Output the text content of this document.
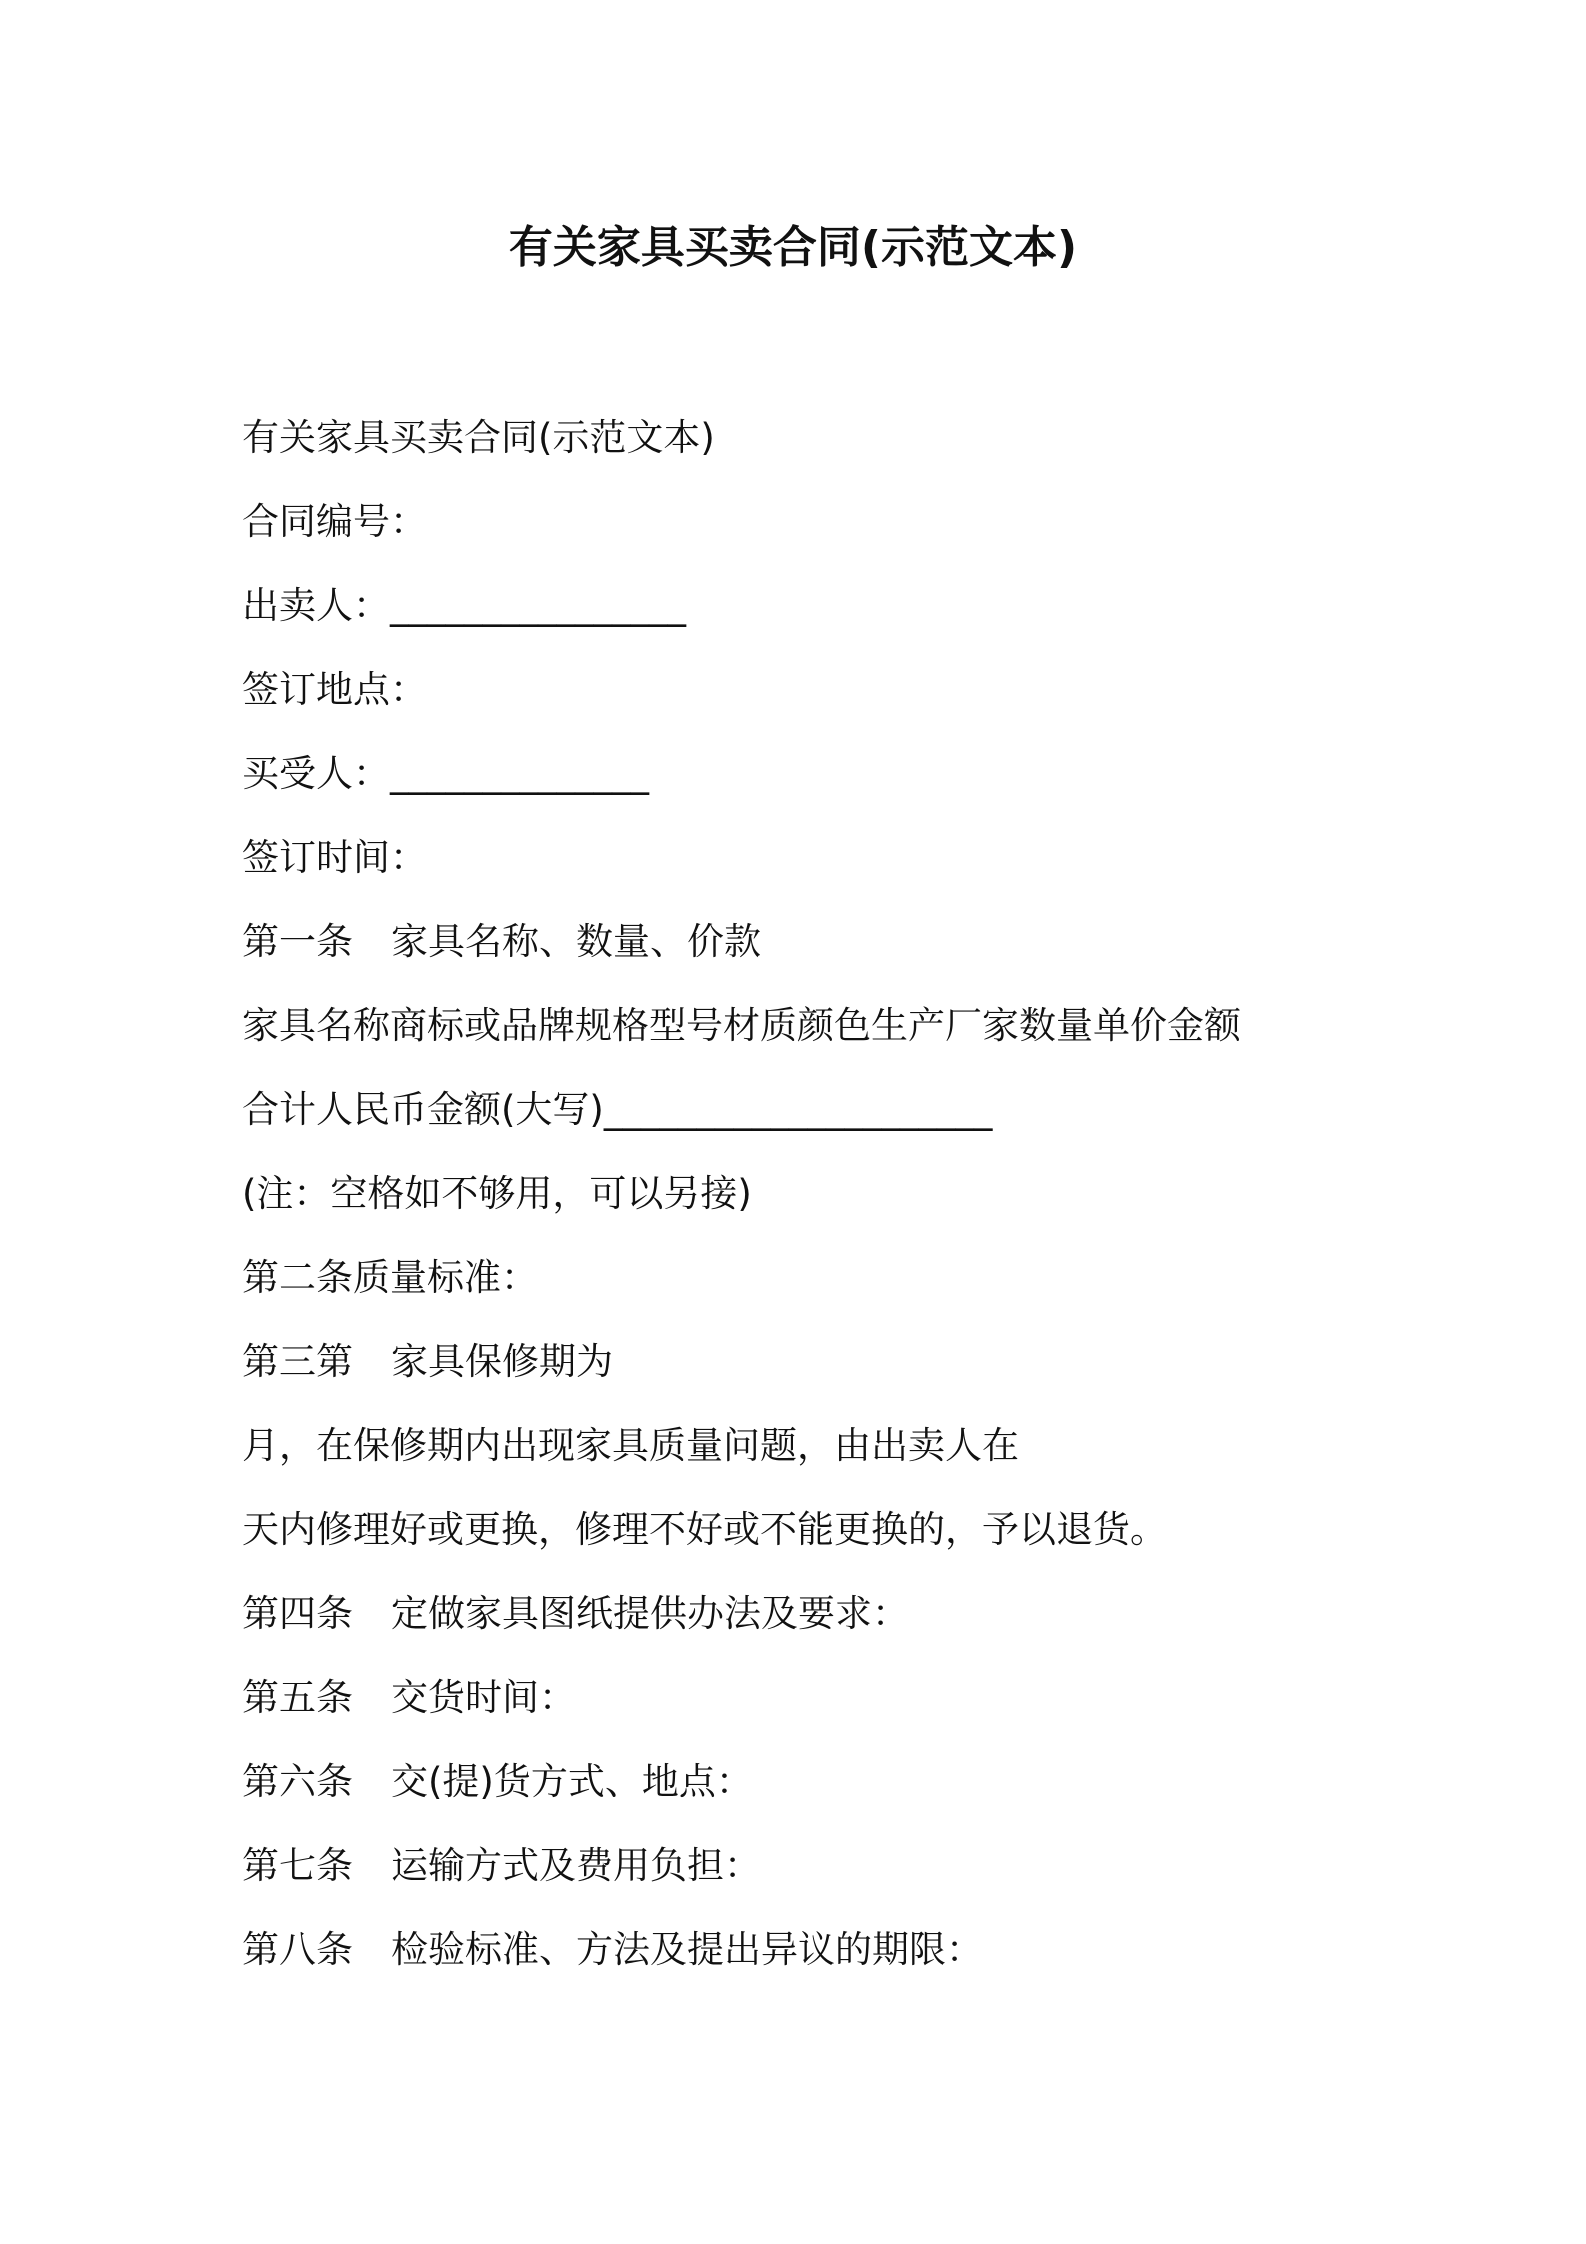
有关家具买卖合同(示范文本)
有关家具买卖合同(示范文本)
合同编号：
出卖人：________________
签订地点：
买受人：______________
签订时间：
第一条 家具名称、数量、价款
家具名称商标或品牌规格型号材质颜色生产厂家数量单价金额
合计人民币金额(大写)_____________________
(注：空格如不够用，可以另接)
第二条质量标准：
第三第 家具保修期为
月，在保修期内出现家具质量问题，由出卖人在
天内修理好或更换，修理不好或不能更换的，予以退货。
第四条 定做家具图纸提供办法及要求：
第五条 交货时间：
第六条 交(提)货方式、地点：
第七条 运输方式及费用负担：
第八条 检验标准、方法及提出异议的期限：
